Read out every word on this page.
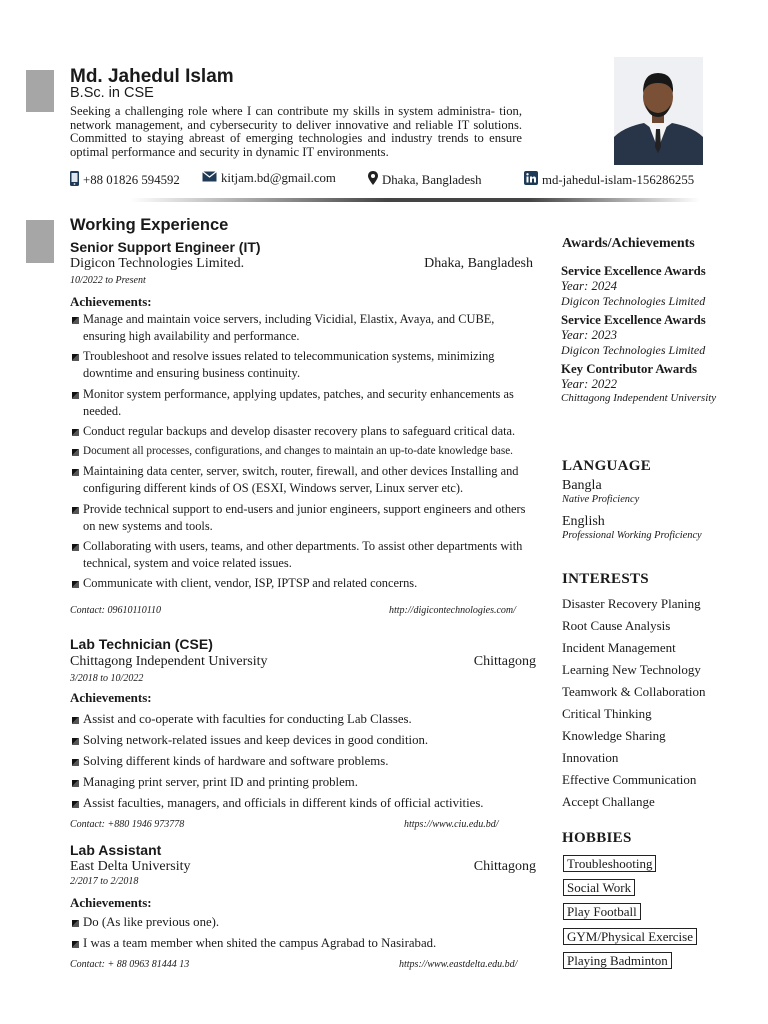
Md. Jahedul Islam
B.Sc. in CSE
Seeking a challenging role where I can contribute my skills in system administra- tion, network management, and cybersecurity to deliver innovative and reliable IT solutions. Committed to staying abreast of emerging technologies and industry trends to ensure optimal performance and security in dynamic IT environments.
+88 01826 594592	kitjam.bd@gmail.com	Dhaka, Bangladesh	md-jahedul-islam-156286255
Working Experience
Senior Support Engineer (IT)
Digicon Technologies Limited.	Dhaka, Bangladesh
10/2022 to Present
Achievements:
Manage and maintain voice servers, including Vicidial, Elastix, Avaya, and CUBE, ensuring high availability and performance.
Troubleshoot and resolve issues related to telecommunication systems, minimizing downtime and ensuring business continuity.
Monitor system performance, applying updates, patches, and security enhancements as needed.
Conduct regular backups and develop disaster recovery plans to safeguard critical data.
Document all processes, configurations, and changes to maintain an up-to-date knowledge base.
Maintaining data center, server, switch, router, firewall, and other devices Installing and configuring different kinds of OS (ESXI, Windows server, Linux server etc).
Provide technical support to end-users and junior engineers, support engineers and others on new systems and tools.
Collaborating with users, teams, and other departments. To assist other departments with technical, system and voice related issues.
Communicate with client, vendor, ISP, IPTSP and related concerns.
Contact: 09610110110	http://digicontechnologies.com/
Lab Technician (CSE)
Chittagong Independent University	Chittagong
3/2018 to 10/2022
Achievements:
Assist and co-operate with faculties for conducting Lab Classes.
Solving network-related issues and keep devices in good condition.
Solving different kinds of hardware and software problems.
Managing print server, print ID and printing problem.
Assist faculties, managers, and officials in different kinds of official activities.
Contact: +880 1946 973778	https://www.ciu.edu.bd/
Lab Assistant
East Delta University	Chittagong
2/2017 to 2/2018
Achievements:
Do (As like previous one).
I was a team member when shited the campus Agrabad to Nasirabad.
Contact: + 88 0963 81444 13	https://www.eastdelta.edu.bd/
Awards/Achievements
Service Excellence Awards
Year: 2024
Digicon Technologies Limited
Service Excellence Awards
Year: 2023
Digicon Technologies Limited
Key Contributor Awards
Year: 2022
Chittagong Independent University
LANGUAGE
Bangla
Native Proficiency
English
Professional Working Proficiency
INTERESTS
Disaster Recovery Planing
Root Cause Analysis
Incident Management
Learning New Technology
Teamwork & Collaboration
Critical Thinking
Knowledge Sharing
Innovation
Effective Communication
Accept Challange
HOBBIES
Troubleshooting
Social Work
Play Football
GYM/Physical Exercise
Playing Badminton
